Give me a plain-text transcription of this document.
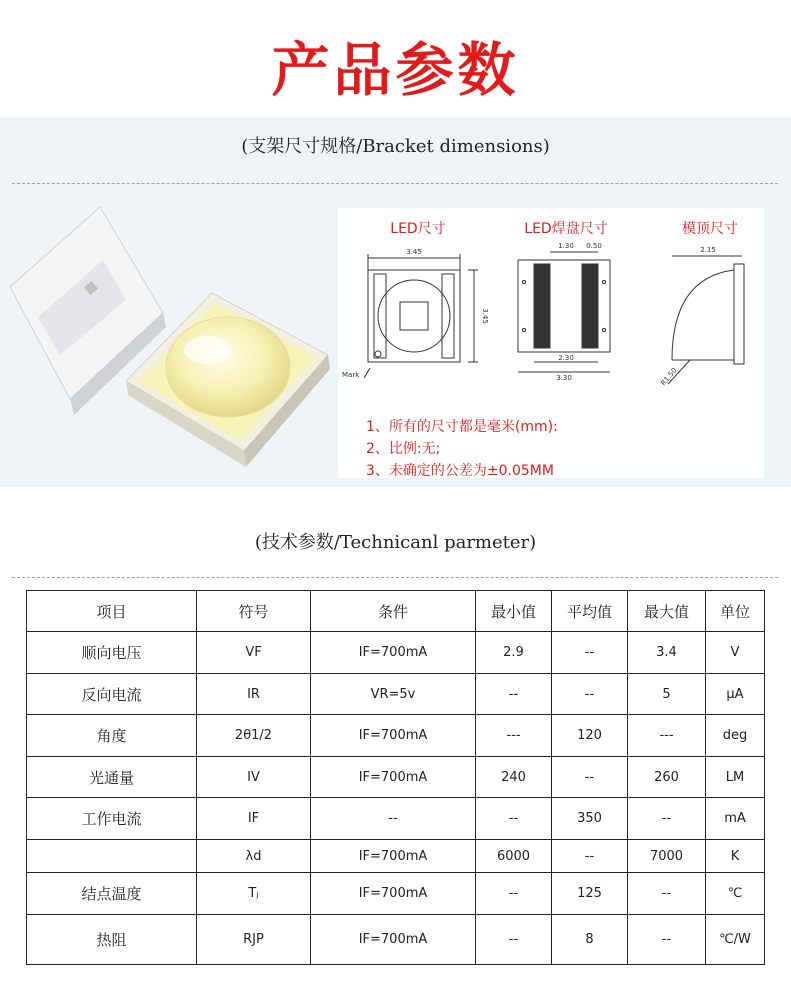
产品参数
(支架尺寸规格/Bracket dimensions)
LED尺寸	LED焊盘尺寸	模顶尺寸
3.45
3.45
Mark
1.30 0.50
2.30
3.30
2.15
R1.50
1、所有的尺寸都是毫米(mm):
2、比例:无;
3、未确定的公差为±0.05MM
(技术参数/Technicanl parmeter)
项目	符号	条件	最小值	平均值	最大值	单位
顺向电压	VF	IF=700mA	2.9	--	3.4	V
反向电流	IR	VR=5v	--	--	5	µA
角度	2θ1/2	IF=700mA	---	120	---	deg
光通量	IV	IF=700mA	240	--	260	LM
工作电流	IF	--	--	350	--	mA
	λd	IF=700mA	6000	--	7000	K
结点温度	Tⱼ	IF=700mA	--	125	--	℃
热阻	RJP	IF=700mA	--	8	--	℃/W
